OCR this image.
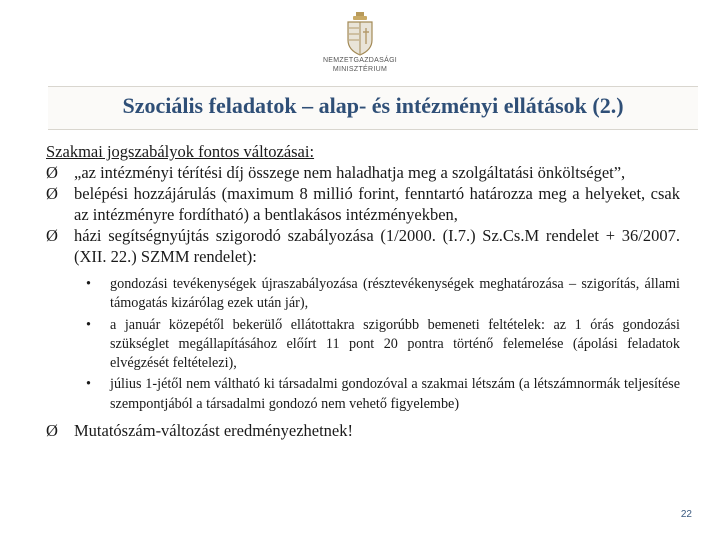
NEMZETGAZDASÁGI
MINISZTÉRIUM
Szociális feladatok – alap- és intézményi ellátások (2.)

Szakmai jogszabályok fontos változásai:

Ø „az intézményi térítési díj összege nem haladhatja meg a szolgáltatási önköltséget”,
Ø belépési hozzájárulás (maximum 8 millió forint, fenntartó határozza meg a helyeket, csak az intézményre fordítható) a bentlakásos intézményekben,
Ø házi segítségnyújtás szigorodó szabályozása (1/2000. (I.7.) Sz.Cs.M rendelet + 36/2007. (XII. 22.) SZMM rendelet):
• gondozási tevékenységek újraszabályozása (résztevékenységek meghatározása – szigorítás, állami támogatás kizárólag ezek után jár),
• a január közepétől bekerülő ellátottakra szigorúbb bemeneti feltételek: az 1 órás gondozási szükséglet megállapításához előírt 11 pont 20 pontra történő felemelése (ápolási feladatok elvégzését feltételezi),
• július 1-jétől nem váltható ki társadalmi gondozóval a szakmai létszám (a létszámnormák teljesítése szempontjából a társadalmi gondozó nem vehető figyelembe)
Ø Mutatószám-változást eredményezhetnek!
22
